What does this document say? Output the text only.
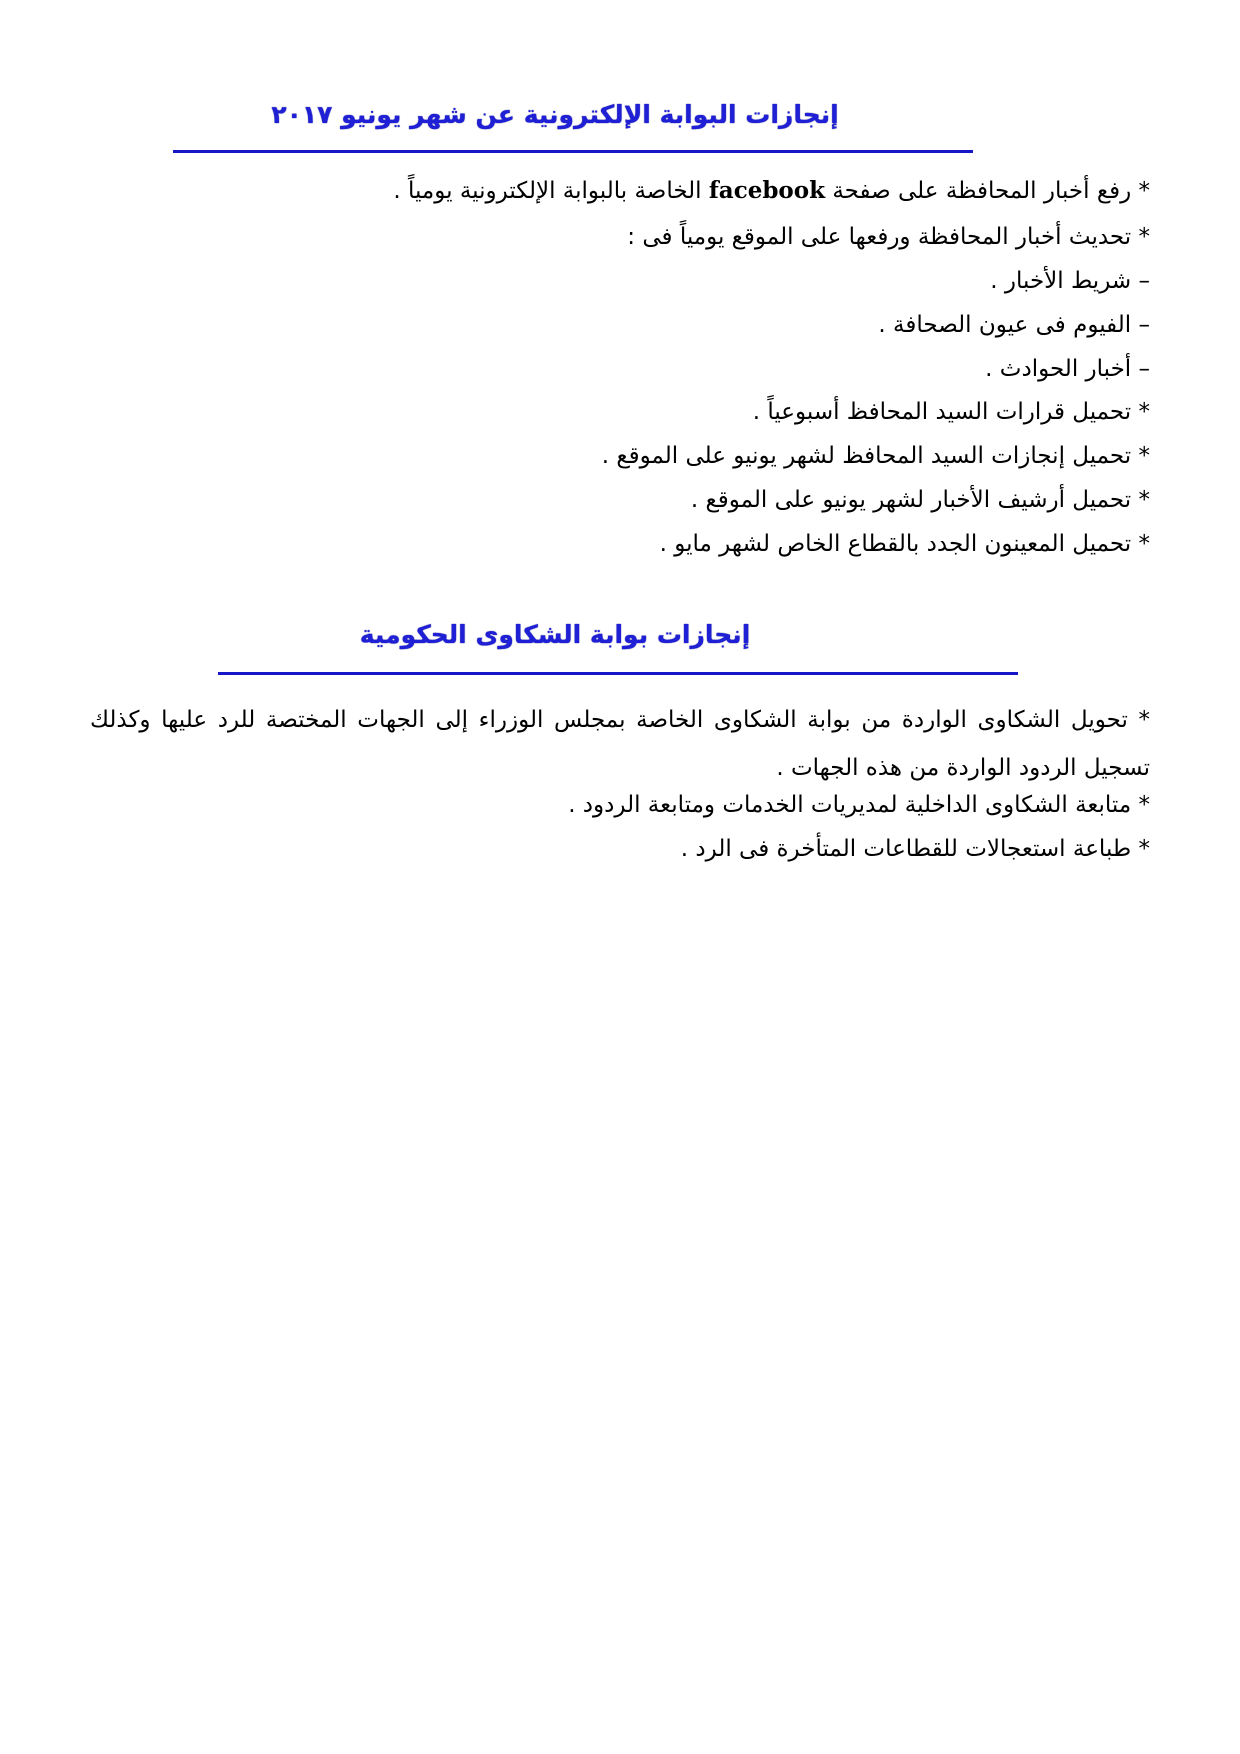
إنجازات البوابة الإلكترونية عن شهر يونيو ٢٠١٧
* رفع أخبار المحافظة على صفحة facebook الخاصة بالبوابة الإلكترونية يومياً .
* تحديث أخبار المحافظة ورفعها على الموقع يومياً فى :
– شريط الأخبار .
– الفيوم فى عيون الصحافة .
– أخبار الحوادث .
* تحميل قرارات السيد المحافظ أسبوعياً .
* تحميل إنجازات السيد المحافظ لشهر يونيو على الموقع .
* تحميل أرشيف الأخبار لشهر يونيو على الموقع .
* تحميل المعينون الجدد بالقطاع الخاص لشهر مايو .
إنجازات بوابة الشكاوى الحكومية
* تحويل الشكاوى الواردة من بوابة الشكاوى الخاصة بمجلس الوزراء إلى الجهات المختصة للرد عليها وكذلك تسجيل الردود الواردة من هذه الجهات .
* متابعة الشكاوى الداخلية لمديريات الخدمات ومتابعة الردود .
* طباعة استعجالات للقطاعات المتأخرة فى الرد .
